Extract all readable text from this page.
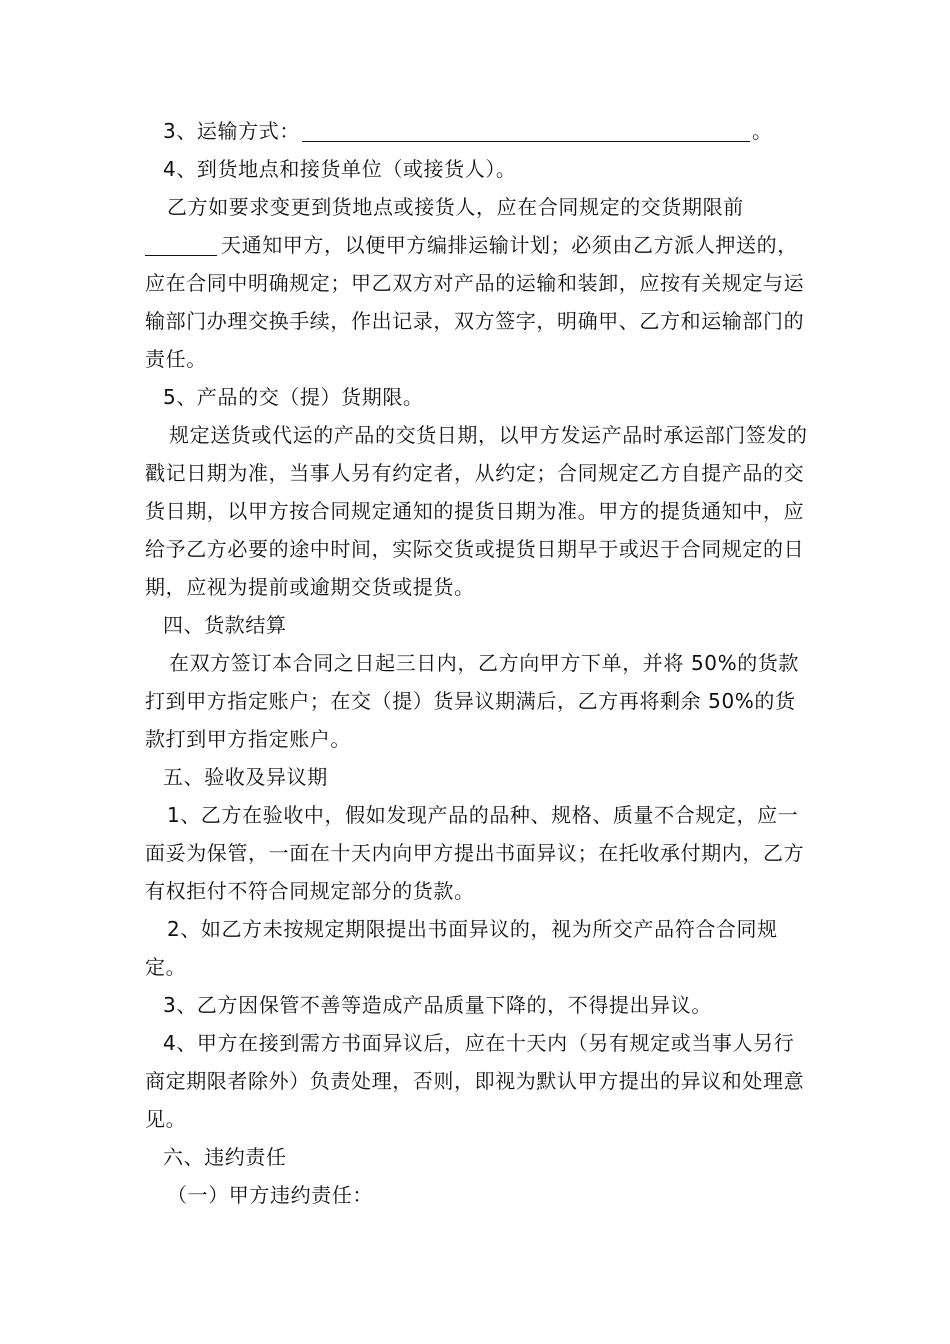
3、运输方式：	。

4、到货地点和接货单位（或接货人）。

乙方如要求变更到货地点或接货人，应在合同规定的交货期限前天通知甲方，以便甲方编排运输计划；必须由乙方派人押送的，应在合同中明确规定；甲乙双方对产品的运输和装卸，应按有关规定与运输部门办理交换手续，作出记录，双方签字，明确甲、乙方和运输部门的责任。

5、产品的交（提）货期限。

规定送货或代运的产品的交货日期，以甲方发运产品时承运部门签发的戳记日期为准，当事人另有约定者，从约定；合同规定乙方自提产品的交货日期，以甲方按合同规定通知的提货日期为准。甲方的提货通知中，应给予乙方必要的途中时间，实际交货或提货日期早于或迟于合同规定的日期，应视为提前或逾期交货或提货。

四、货款结算

在双方签订本合同之日起三日内，乙方向甲方下单，并将 50%的货款打到甲方指定账户；在交（提）货异议期满后，乙方再将剩余 50%的货款打到甲方指定账户。

五、验收及异议期

1、乙方在验收中，假如发现产品的品种、规格、质量不合规定，应一面妥为保管，一面在十天内向甲方提出书面异议；在托收承付期内，乙方有权拒付不符合同规定部分的货款。

2、如乙方未按规定期限提出书面异议的，视为所交产品符合合同规定。

3、乙方因保管不善等造成产品质量下降的，不得提出异议。

4、甲方在接到需方书面异议后，应在十天内（另有规定或当事人另行商定期限者除外）负责处理，否则，即视为默认甲方提出的异议和处理意见。

六、违约责任

（一）甲方违约责任：
